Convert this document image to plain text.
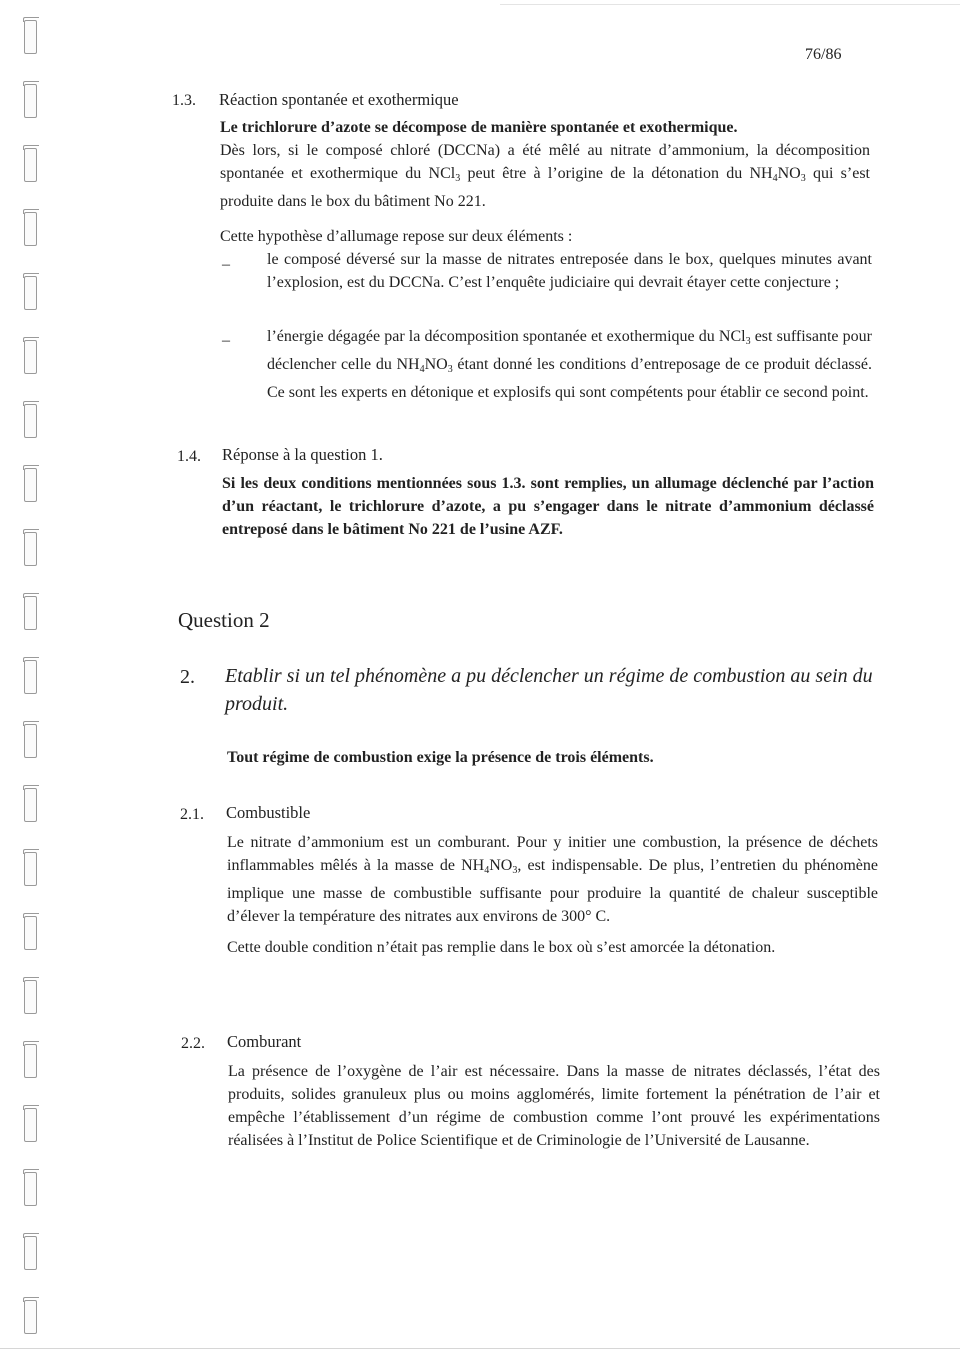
76/86
1.3. Réaction spontanée et exothermique

Le trichlorure d’azote se décompose de manière spontanée et exothermique.

Dès lors, si le composé chloré (DCCNa) a été mêlé au nitrate d’ammonium, la décomposition spontanée et exothermique du NCl$_3$ peut être à l’origine de la détonation du $NH_4NO_3$ qui s’est produite dans le box du bâtiment No 221.

Cette hypothèse d’allumage repose sur deux éléments :

– le composé déversé sur la masse de nitrates entreposée dans le box, quelques minutes avant l’explosion, est du DCCNa. C’est l’enquête judiciaire qui devrait étayer cette conjecture ;
– l’énergie dégagée par la décomposition spontanée et exothermique du NCl$_3$ est suffisante pour déclencher celle du $NH_4NO_3$ étant donné les conditions d’entreposage de ce produit déclassé. Ce sont les experts en détonique et explosifs qui sont compétents pour établir ce second point.
1.4. Réponse à la question 1.
Si les deux conditions mentionnées sous 1.3. sont remplies, un allumage déclenché par l’action d’un réactant, le trichlorure d’azote, a pu s’engager dans le nitrate d’ammonium déclassé entreposé dans le bâtiment No 221 de l’usine AZF.
Question 2
2. Etablir si un tel phénomène a pu déclencher un régime de combustion au sein du produit.
Tout régime de combustion exige la présence de trois éléments.
2.1. Combustible

Le nitrate d’ammonium est un comburant. Pour y initier une combustion, la présence de déchets inflammables mêlés à la masse de $NH_4NO_3$, est indispensable. De plus, l’entretien du phénomène implique une masse de combustible suffisante pour produire la quantité de chaleur susceptible d’élever la température des nitrates aux environs de 300° C.

Cette double condition n’était pas remplie dans le box où s’est amorcée la détonation.

2.2. Comburant
La présence de l’oxygène de l’air est nécessaire. Dans la masse de nitrates déclassés, l’état des produits, solides granuleux plus ou moins agglomérés, limite fortement la pénétration de l’air et empêche l’établissement d’un régime de combustion comme l’ont prouvé les expérimentations réalisées à l’Institut de Police Scientifique et de Criminologie de l’Université de Lausanne.
